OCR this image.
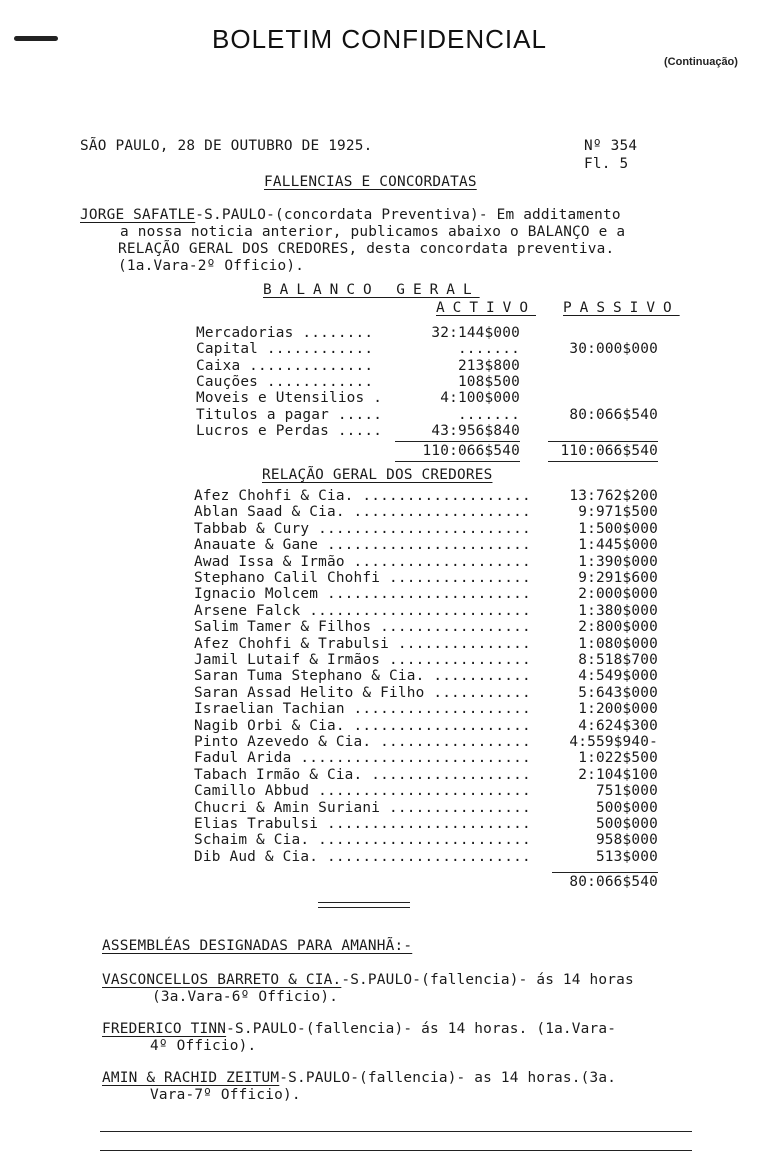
BOLETIM CONFIDENCIAL
(Continuação)
SÃO PAULO, 28 DE OUTUBRO DE 1925.	Nº 354
Fl. 5
FALLENCIAS E CONCORDATAS
JORGE SAFATLE-S.PAULO-(concordata Preventiva)- Em additamento
a nossa noticia anterior, publicamos abaixo o BALANÇO e a
RELAÇÃO GERAL DOS CREDORES, desta concordata preventiva.
(1a.Vara-2º Officio).
BALANCO GERAL
ACTIVO PASSIVO
Mercadorias ........	32:144$000
Capital ............	.......	30:000$000
Caixa ..............	213$800
Cauções ............	108$500
Moveis e Utensilios .	4:100$000
Titulos a pagar .....	.......	80:066$540
Lucros e Perdas .....	43:956$840
110:066$540	110:066$540
RELAÇÃO GERAL DOS CREDORES
Afez Chohfi & Cia. ...................	13:762$200
Ablan Saad & Cia. ....................	9:971$500
Tabbab & Cury ........................	1:500$000
Anauate & Gane .......................	1:445$000
Awad Issa & Irmão ....................	1:390$000
Stephano Calil Chohfi ................	9:291$600
Ignacio Molcem .......................	2:000$000
Arsene Falck .........................	1:380$000
Salim Tamer & Filhos .................	2:800$000
Afez Chohfi & Trabulsi ...............	1:080$000
Jamil Lutaif & Irmãos ................	8:518$700
Saran Tuma Stephano & Cia. ...........	4:549$000
Saran Assad Helito & Filho ...........	5:643$000
Israelian Tachian ....................	1:200$000
Nagib Orbi & Cia. ....................	4:624$300
Pinto Azevedo & Cia. .................	4:559$940-
Fadul Arida ..........................	1:022$500
Tabach Irmão & Cia. ..................	2:104$100
Camillo Abbud ........................	751$000
Chucri & Amin Suriani ................	500$000
Elias Trabulsi .......................	500$000
Schaim & Cia. ........................	958$000
Dib Aud & Cia. .......................	513$000
80:066$540
ASSEMBLÉAS DESIGNADAS PARA AMANHÃ:-
VASCONCELLOS BARRETO & CIA.-S.PAULO-(fallencia)- ás 14 horas
(3a.Vara-6º Officio).
FREDERICO TINN-S.PAULO-(fallencia)- ás 14 horas. (1a.Vara-
4º Officio).
AMIN & RACHID ZEITUM-S.PAULO-(fallencia)- as 14 horas.(3a.
Vara-7º Officio).
